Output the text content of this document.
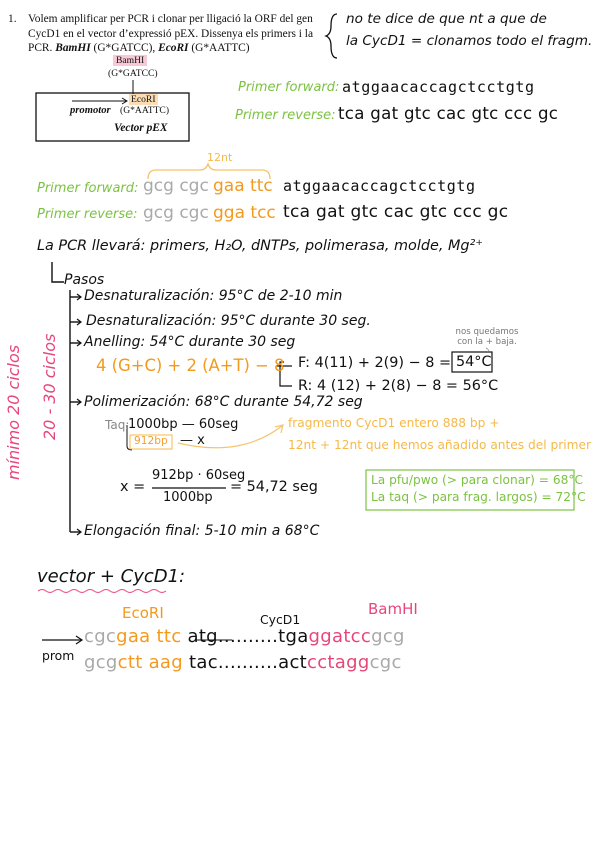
1. Volem amplificar per PCR i clonar per lligació la ORF del gen

CycD1 en el vector d’expressió pEX. Dissenya els primers i la

PCR. BamHI (G*GATCC), EcoRI (G*AATTC)
no te dice de que nt a que de
la CycD1 = clonamos todo el fragm.
BamHI
(G*GATCC)
EcoRI
promotor (G*AATTC)
Vector pEX
Primer forward: atggaacaccagctcctgtg
Primer reverse: tca gat gtc cac gtc ccc gc
12nt
Primer forward: gcg cgc gaa ttc atggaacaccagctcctgtg
Primer reverse: gcg cgc gga tcc tca gat gtc cac gtc ccc gc
La PCR llevará: primers, H₂O, dNTPs, polimerasa, molde, Mg²⁺
Pasos
Desnaturalización: 95°C de 2-10 min
Desnaturalización: 95°C durante 30 seg.
Anelling: 54°C durante 30 seg
nos quedamos con la + baja.
4 (G+C) + 2 (A+T) − 8 F: 4(11) + 2(9) − 8 = 54°C
R: 4 (12) + 2(8) − 8 = 56°C
Polimerización: 68°C durante 54,72 seg
Taq:
1000bp — 60seg
912bp — x
fragmento CycD1 entero 888 bp +
12nt + 12nt que hemos añadido antes del primer
x =
912bp · 60seg
1000bp
= 54,72 seg	La pfu/pwo (> para clonar) = 68°C
La taq (> para frag. largos) = 72°C
Elongación final: 5-10 min a 68°C
mínimo 20 ciclos 20 - 30 ciclos
vector + CycD1:
EcoRI	CycD1
BamHI
prom
cgcgaa ttc atg..........tgaggatccgcg
gcgctt aag tac..........actcctaggcgc
